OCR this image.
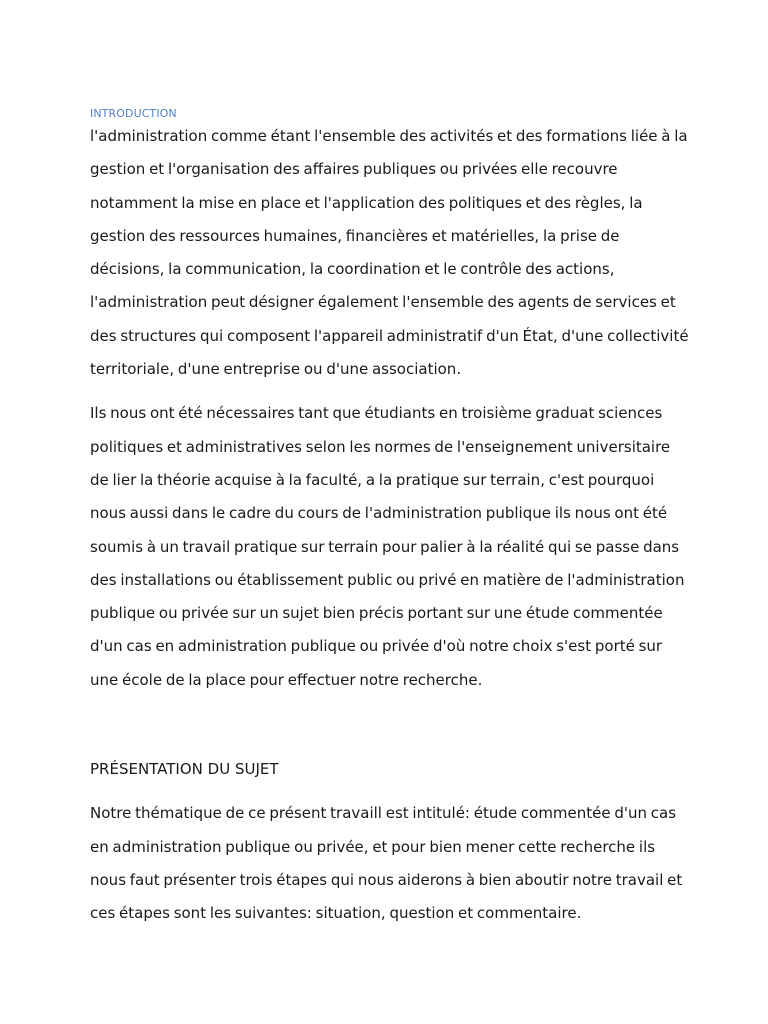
INTRODUCTION

l'administration comme étant l'ensemble des activités et des formations liée à la gestion et l'organisation des affaires publiques ou privées elle recouvre notamment la mise en place et l'application des politiques et des règles, la gestion des ressources humaines, financières et matérielles, la prise de décisions, la communication, la coordination et le contrôle des actions, l'administration peut désigner également l'ensemble des agents de services et des structures qui composent l'appareil administratif d'un État, d'une collectivité territoriale, d'une entreprise ou d'une association.

Ils nous ont été nécessaires tant que étudiants en troisième graduat sciences politiques et administratives selon les normes de l'enseignement universitaire de lier la théorie acquise à la faculté, a la pratique sur terrain, c'est pourquoi nous aussi dans le cadre du cours de l'administration publique ils nous ont été soumis à un travail pratique sur terrain pour palier à la réalité qui se passe dans des installations ou établissement public ou privé en matière de l'administration publique ou privée sur un sujet bien précis portant sur une étude commentée d'un cas en administration publique ou privée d'où notre choix s'est porté sur une école de la place pour effectuer notre recherche.

PRÉSENTATION DU SUJET

Notre thématique de ce présent travaill est intitulé: étude commentée d'un cas en administration publique ou privée, et pour bien mener cette recherche ils nous faut présenter trois étapes qui nous aiderons à bien aboutir notre travail et ces étapes sont les suivantes: situation, question et commentaire.
